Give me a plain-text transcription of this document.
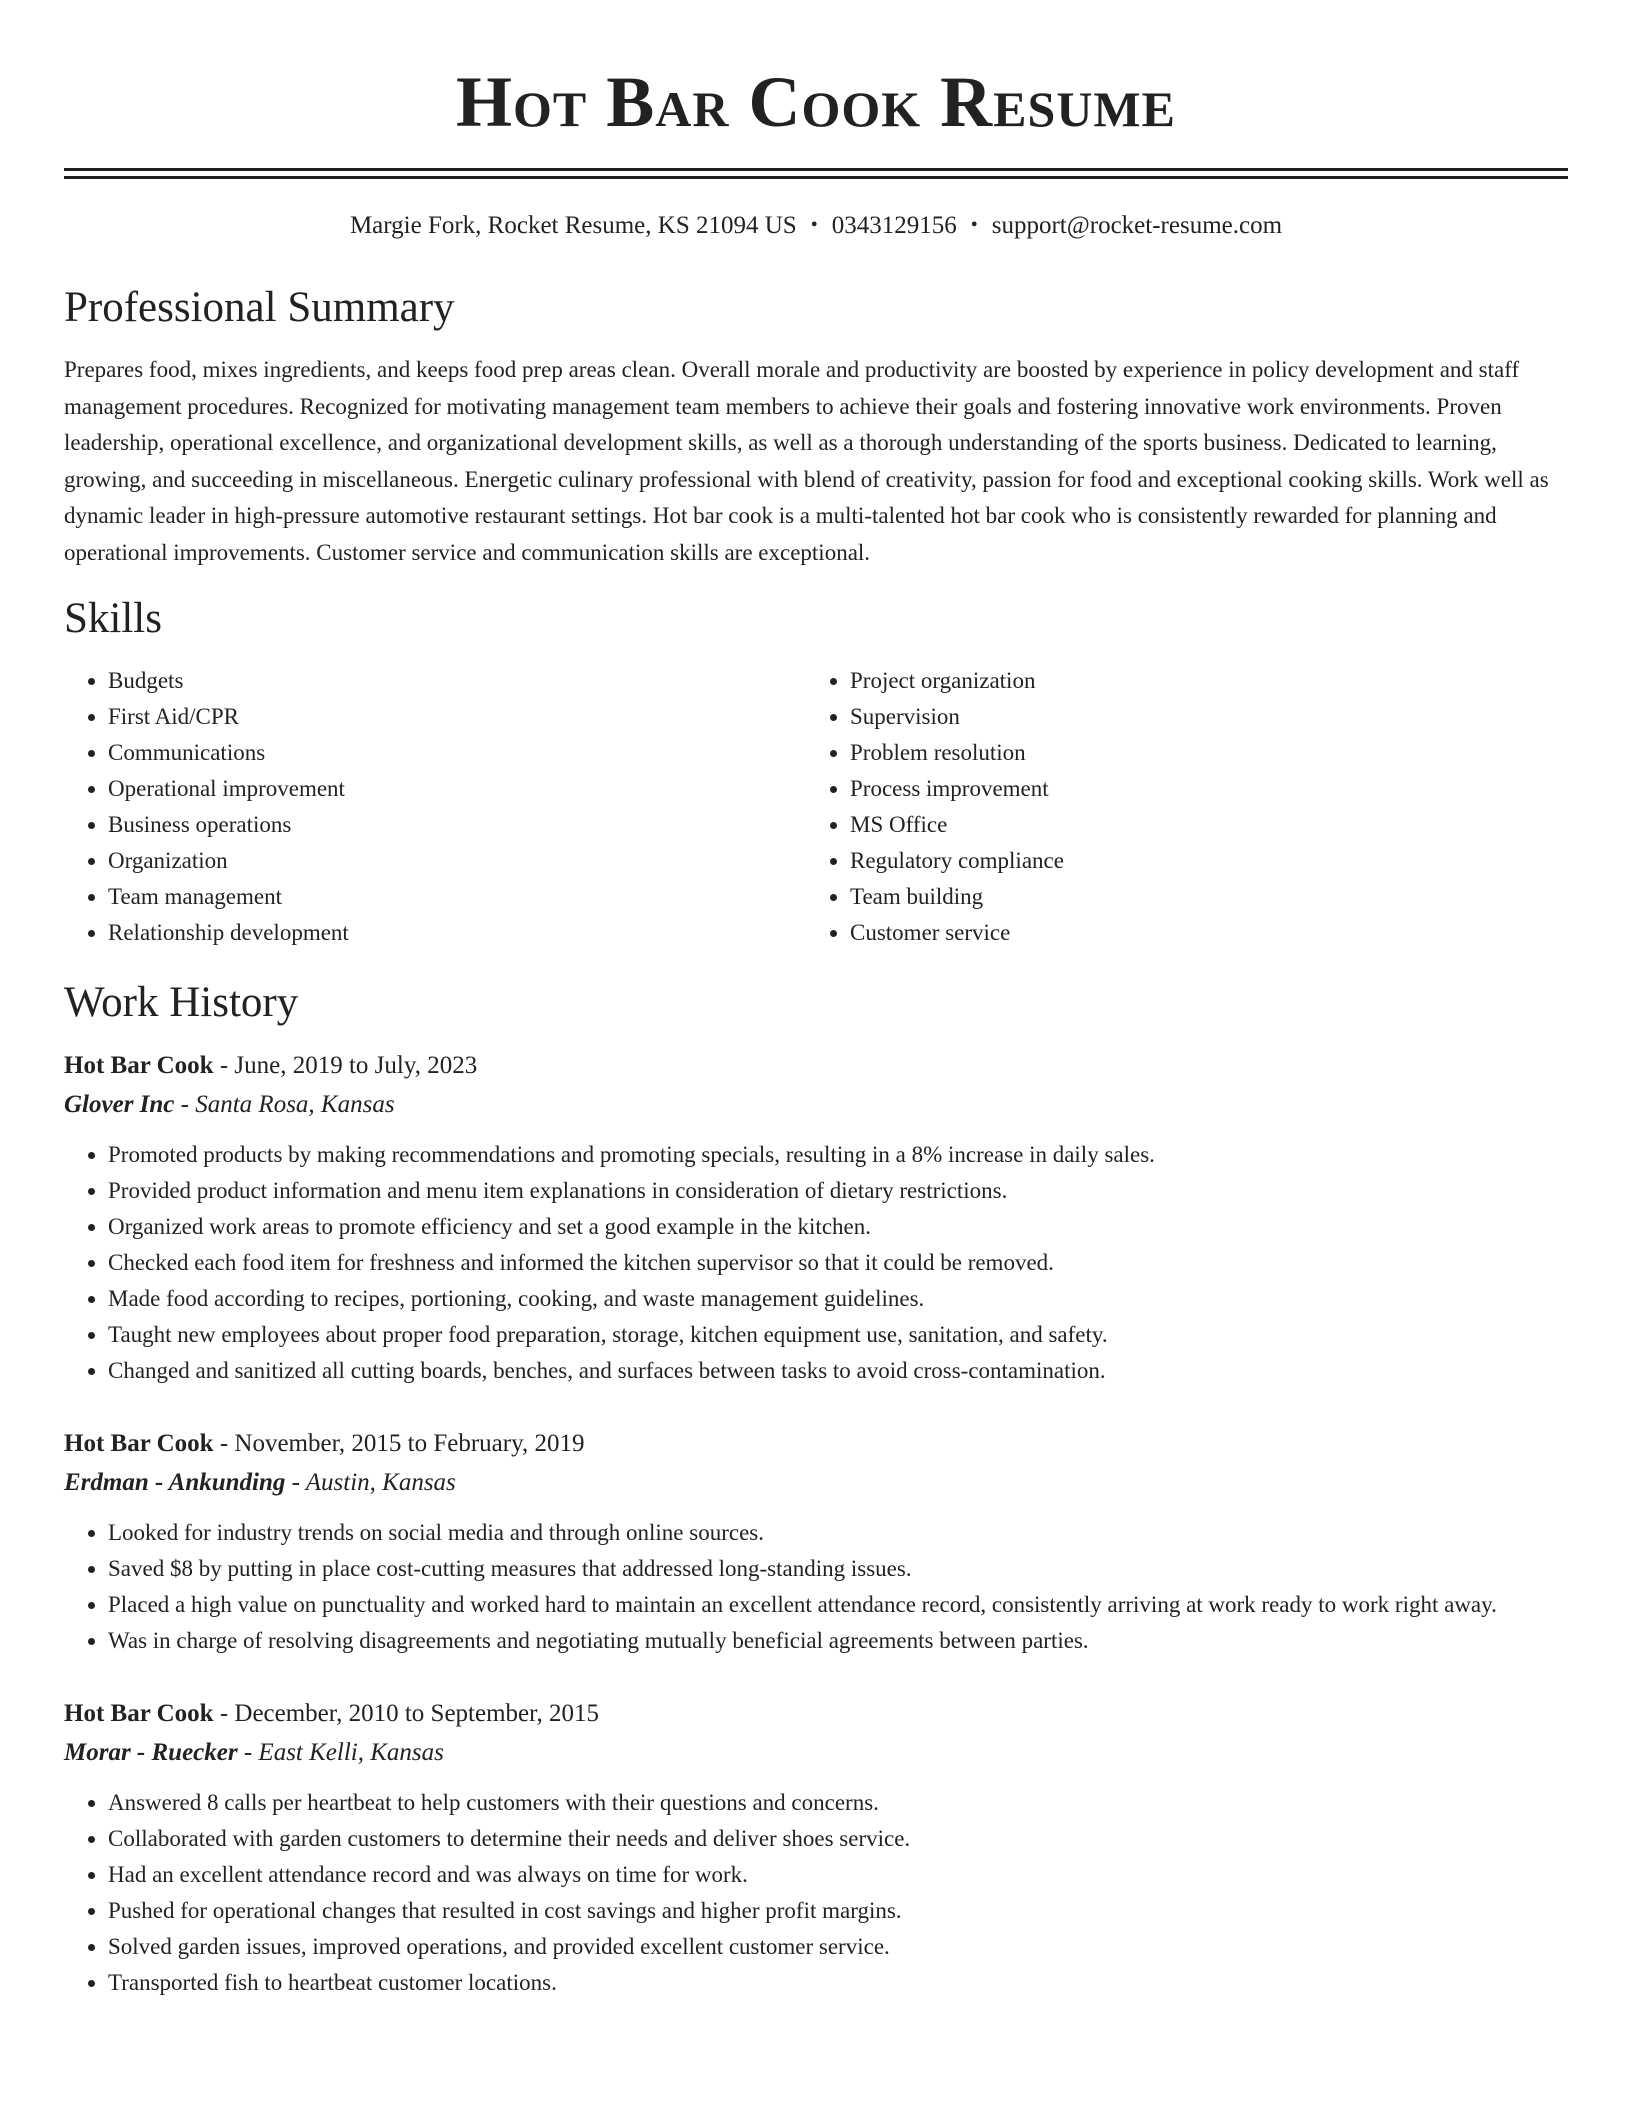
Hot Bar Cook Resume
Margie Fork, Rocket Resume, KS 21094 US • 0343129156 • support@rocket-resume.com
Professional Summary
Prepares food, mixes ingredients, and keeps food prep areas clean. Overall morale and productivity are boosted by experience in policy development and staff management procedures. Recognized for motivating management team members to achieve their goals and fostering innovative work environments. Proven leadership, operational excellence, and organizational development skills, as well as a thorough understanding of the sports business. Dedicated to learning, growing, and succeeding in miscellaneous. Energetic culinary professional with blend of creativity, passion for food and exceptional cooking skills. Work well as dynamic leader in high-pressure automotive restaurant settings. Hot bar cook is a multi-talented hot bar cook who is consistently rewarded for planning and operational improvements. Customer service and communication skills are exceptional.
Skills
• Budgets
• First Aid/CPR
• Communications
• Operational improvement
• Business operations
• Organization
• Team management
• Relationship development
• Project organization
• Supervision
• Problem resolution
• Process improvement
• MS Office
• Regulatory compliance
• Team building
• Customer service
Work History
Hot Bar Cook - June, 2019 to July, 2023
Glover Inc - Santa Rosa, Kansas
• Promoted products by making recommendations and promoting specials, resulting in a 8% increase in daily sales.
• Provided product information and menu item explanations in consideration of dietary restrictions.
• Organized work areas to promote efficiency and set a good example in the kitchen.
• Checked each food item for freshness and informed the kitchen supervisor so that it could be removed.
• Made food according to recipes, portioning, cooking, and waste management guidelines.
• Taught new employees about proper food preparation, storage, kitchen equipment use, sanitation, and safety.
• Changed and sanitized all cutting boards, benches, and surfaces between tasks to avoid cross-contamination.
Hot Bar Cook - November, 2015 to February, 2019
Erdman - Ankunding - Austin, Kansas
• Looked for industry trends on social media and through online sources.
• Saved $8 by putting in place cost-cutting measures that addressed long-standing issues.
• Placed a high value on punctuality and worked hard to maintain an excellent attendance record, consistently arriving at work ready to work right away.
• Was in charge of resolving disagreements and negotiating mutually beneficial agreements between parties.
Hot Bar Cook - December, 2010 to September, 2015
Morar - Ruecker - East Kelli, Kansas
• Answered 8 calls per heartbeat to help customers with their questions and concerns.
• Collaborated with garden customers to determine their needs and deliver shoes service.
• Had an excellent attendance record and was always on time for work.
• Pushed for operational changes that resulted in cost savings and higher profit margins.
• Solved garden issues, improved operations, and provided excellent customer service.
• Transported fish to heartbeat customer locations.
